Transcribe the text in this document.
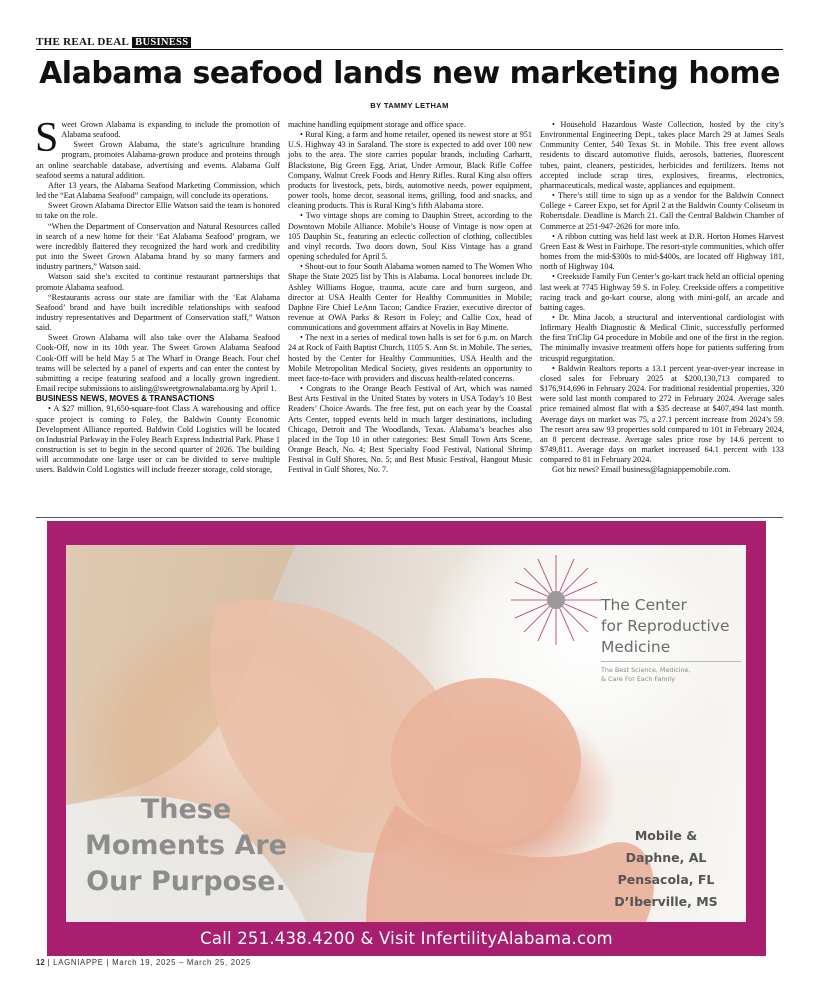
THE REAL DEAL BUSINESS
Alabama seafood lands new marketing home
BY TAMMY LETHAM

Sweet Grown Alabama is expanding to include the promotion of Alabama seafood.

Sweet Grown Alabama, the state’s agriculture branding program, promotes Alabama-grown produce and proteins through an online searchable database, advertising and events. Alabama Gulf seafood seems a natural addition.

After 13 years, the Alabama Seafood Marketing Commission, which led the “Eat Alabama Seafood” campaign, will conclude its operations.

Sweet Grown Alabama Director Ellie Watson said the team is honored to take on the role.

“When the Department of Conservation and Natural Resources called in search of a new home for their ‘Eat Alabama Seafood’ program, we were incredibly flattered they recognized the hard work and credibility put into the Sweet Grown Alabama brand by so many farmers and industry partners,” Watson said.

Watson said she’s excited to continue restaurant partnerships that promote Alabama seafood.

“Restaurants across our state are familiar with the ‘Eat Alabama Seafood’ brand and have built incredible relationships with seafood industry representatives and Department of Conservation staff,” Watson said.

Sweet Grown Alabama will also take over the Alabama Seafood Cook-Off, now in its 10th year. The Sweet Grown Alabama Seafood Cook-Off will be held May 5 at The Wharf in Orange Beach. Four chef teams will be selected by a panel of experts and can enter the contest by submitting a recipe featuring seafood and a locally grown ingredient. Email recipe submissions to aisling@sweetgrownalabama.org by April 1.

BUSINESS NEWS, MOVES & TRANSACTIONS

• A $27 million, 91,650-square-foot Class A warehousing and office space project is coming to Foley, the Baldwin County Economic Development Alliance reported. Baldwin Cold Logistics will be located on Industrial Parkway in the Foley Beach Express Industrial Park. Phase 1 construction is set to begin in the second quarter of 2026. The building will accommodate one large user or can be divided to serve multiple users. Baldwin Cold Logistics will include freezer storage, cold storage,

machine handling equipment storage and office space.

• Rural King, a farm and home retailer, opened its newest store at 951 U.S. Highway 43 in Saraland. The store is expected to add over 100 new jobs to the area. The store carries popular brands, including Carhartt, Blackstone, Big Green Egg, Ariat, Under Armour, Black Rifle Coffee Company, Walnut Creek Foods and Henry Rifles. Rural King also offers products for livestock, pets, birds, automotive needs, power equipment, power tools, home decor, seasonal items, grilling, food and snacks, and cleaning products. This is Rural King’s fifth Alabama store.

• Two vintage shops are coming to Dauphin Street, according to the Downtown Mobile Alliance. Mobile’s House of Vintage is now open at 105 Dauphin St., featuring an eclectic collection of clothing, collectibles and vinyl records. Two doors down, Soul Kiss Vintage has a grand opening scheduled for April 5.

• Shout-out to four South Alabama women named to The Women Who Shape the State 2025 list by This is Alabama. Local honorees include Dr. Ashley Williams Hogue, trauma, acute care and burn surgeon, and director at USA Health Center for Healthy Communities in Mobile; Daphne Fire Chief LeAnn Tacon; Candice Frazier, executive director of revenue at OWA Parks & Resort in Foley; and Callie Cox, head of communications and government affairs at Novelis in Bay Minette.

• The next in a series of medical town halls is set for 6 p.m. on March 24 at Rock of Faith Baptist Church, 1105 S. Ann St. in Mobile. The series, hosted by the Center for Healthy Communities, USA Health and the Mobile Metropolitan Medical Society, gives residents an opportunity to meet face-to-face with providers and discuss health-related concerns.

• Congrats to the Orange Beach Festival of Art, which was named Best Arts Festival in the United States by voters in USA Today’s 10 Best Readers’ Choice Awards. The free fest, put on each year by the Coastal Arts Center, topped events held in much larger destinations, including Chicago, Detroit and The Woodlands, Texas. Alabama’s beaches also placed in the Top 10 in other categories: Best Small Town Arts Scene, Orange Beach, No. 4; Best Specialty Food Festival, National Shrimp Festival in Gulf Shores, No. 5; and Best Music Festival, Hangout Music Festival in Gulf Shores, No. 7.

• Household Hazardous Waste Collection, hosted by the city’s Environmental Engineering Dept., takes place March 29 at James Seals Community Center, 540 Texas St. in Mobile. This free event allows residents to discard automotive fluids, aerosols, batteries, fluorescent tubes, paint, cleaners, pesticides, herbicides and fertilizers. Items not accepted include scrap tires, explosives, firearms, electronics, pharmaceuticals, medical waste, appliances and equipment.

• There’s still time to sign up as a vendor for the Baldwin Connect College + Career Expo, set for April 2 at the Baldwin County Coliseum in Robertsdale. Deadline is March 21. Call the Central Baldwin Chamber of Commerce at 251-947-2626 for more info.

• A ribbon cutting was held last week at D.R. Horton Homes Harvest Green East & West in Fairhope. The resort-style communities, which offer homes from the mid-$300s to mid-$400s, are located off Highway 181, north of Highway 104.

• Creekside Family Fun Center’s go-kart track held an official opening last week at 7745 Highway 59 S. in Foley. Creekside offers a competitive racing track and go-kart course, along with mini-golf, an arcade and batting cages.

• Dr. Mina Jacob, a structural and interventional cardiologist with Infirmary Health Diagnostic & Medical Clinic, successfully performed the first TriClip G4 procedure in Mobile and one of the first in the region. The minimally invasive treatment offers hope for patients suffering from tricuspid regurgitation.

• Baldwin Realtors reports a 13.1 percent year-over-year increase in closed sales for February 2025 at $200,130,713 compared to $176,914,696 in February 2024. For traditional residential properties, 320 were sold last month compared to 272 in February 2024. Average sales price remained almost flat with a $35 decrease at $407,494 last month. Average days on market was 75, a 27.1 percent increase from 2024’s 59. The resort area saw 93 properties sold compared to 101 in February 2024, an 8 percent decrease. Average sales price rose by 14.6 percent to $749,811. Average days on market increased 64.1 percent with 133 compared to 81 in February 2024.

Got biz news? Email business@lagniappemobile.com.

The Center
for Reproductive
Medicine
The Best Science, Medicine,
& Care For Each Family
These
Moments Are
Our Purpose.
Mobile &
Daphne, AL
Pensacola, FL
D’Iberville, MS
Call 251.438.4200 & Visit InfertilityAlabama.com
12 | LAGNIAPPE | March 19, 2025 – March 25, 2025
